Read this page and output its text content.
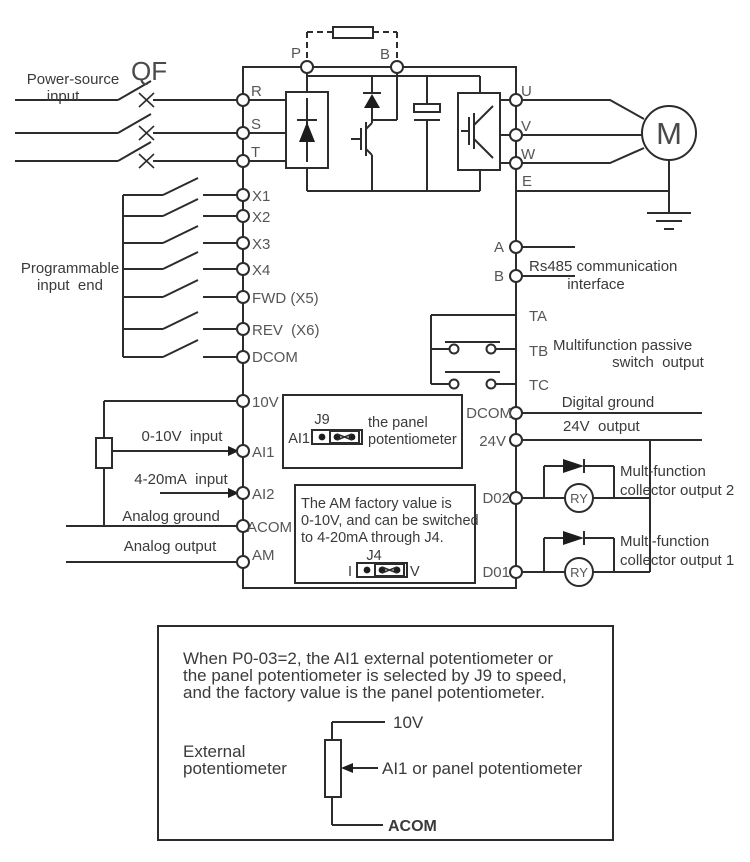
Power-source
input
QF
R
S
T
P	B
U
V
W
E
M
Programmable
input  end
X1
X2
X3
X4
FWD (X5)
REV  (X6)
DCOM
A
B
Rs485 communication
interface
TA
TB
TC
Multifunction passive
switch  output
10V
AI1
AI2
ACOM
AM
0-10V  input
4-20mA  input
Analog ground
Analog output
J9
AI1
the panel
potentiometer
The AM factory value is
0-10V, and can be switched
to 4-20mA through J4.
J4
I	V
DCOM
Digital ground
24V
24V  output
D02
D01
RY
RY
Mult-function
collector output 2
Multi-function
collector output 1
When P0-03=2, the AI1 external potentiometer or
the panel potentiometer is selected by J9 to speed,
and the factory value is the panel potentiometer.
10V
External
potentiometer	AI1 or panel potentiometer
ACOM
